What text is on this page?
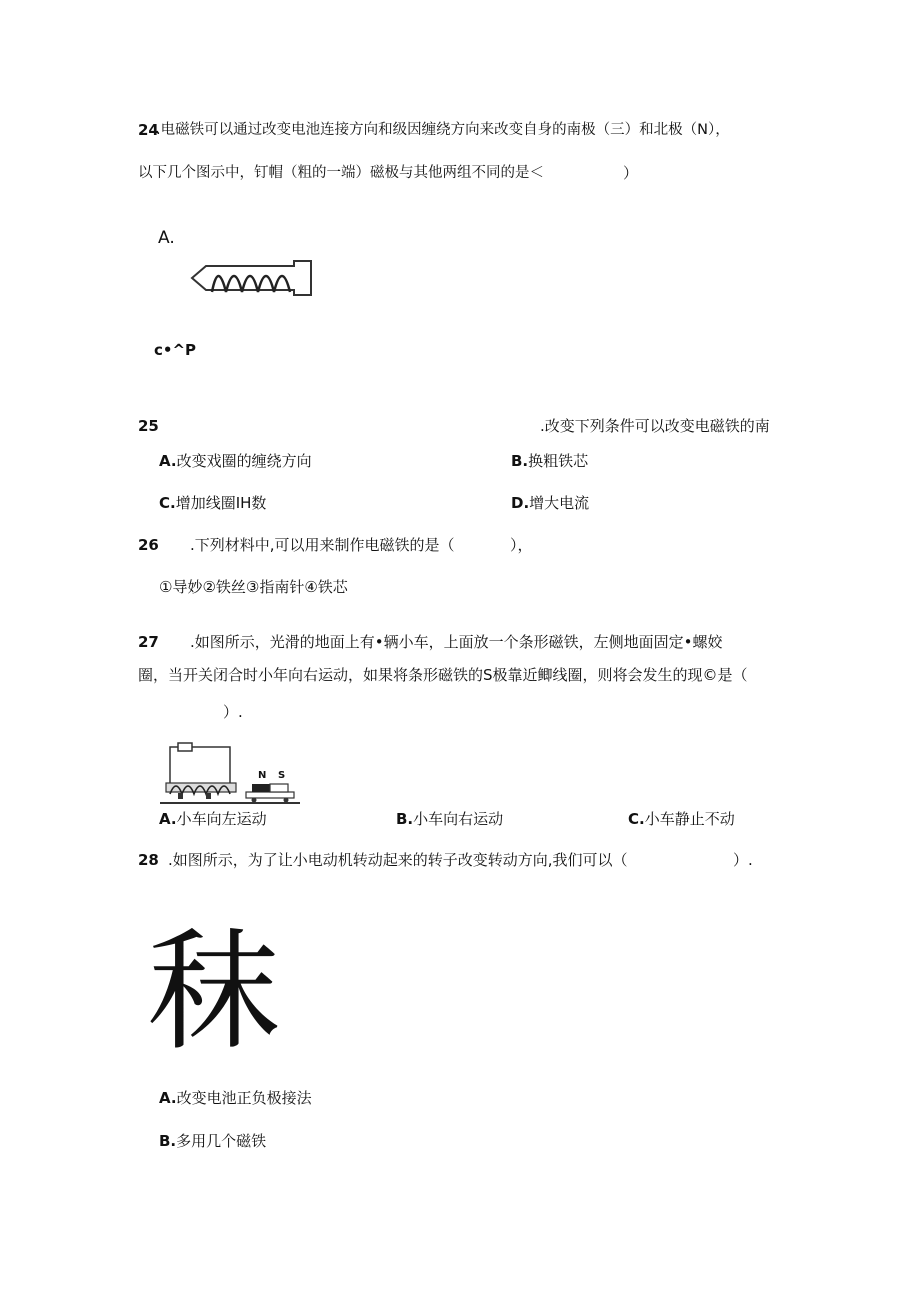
24
.电磁铁可以通过改变电池连接方向和级因缠绕方向来改变自身的南极（三）和北极（N），
以下几个图示中，钉帽（粗的一端）磁极与其他两组不同的是＜	）
A.
c•^P
25	.改变下列条件可以改变电磁铁的南
A.改变戏圈的缠绕方向	B.换粗铁芯
C.增加线圈IH数	D.增大电流
26 .下列材料中,可以用来制作电磁铁的是（	），
①导妙②铁丝③指南针④铁芯
27 .如图所示，光滑的地面上有•辆小车，上面放一个条形磁铁，左侧地面固定•螺姣
圈，当开关闭合时小年向右运动，如果将条形磁铁的S极靠近鲫线圈，则将会发生的现©是（
）.
N S
A.小车向左运动	B.小车向右运动	C.小车静止不动
28 .如图所示，为了让小电动机转动起来的转子改变转动方向,我们可以（	）.
秣
A.改变电池正负极接法
B.多用几个磁铁
